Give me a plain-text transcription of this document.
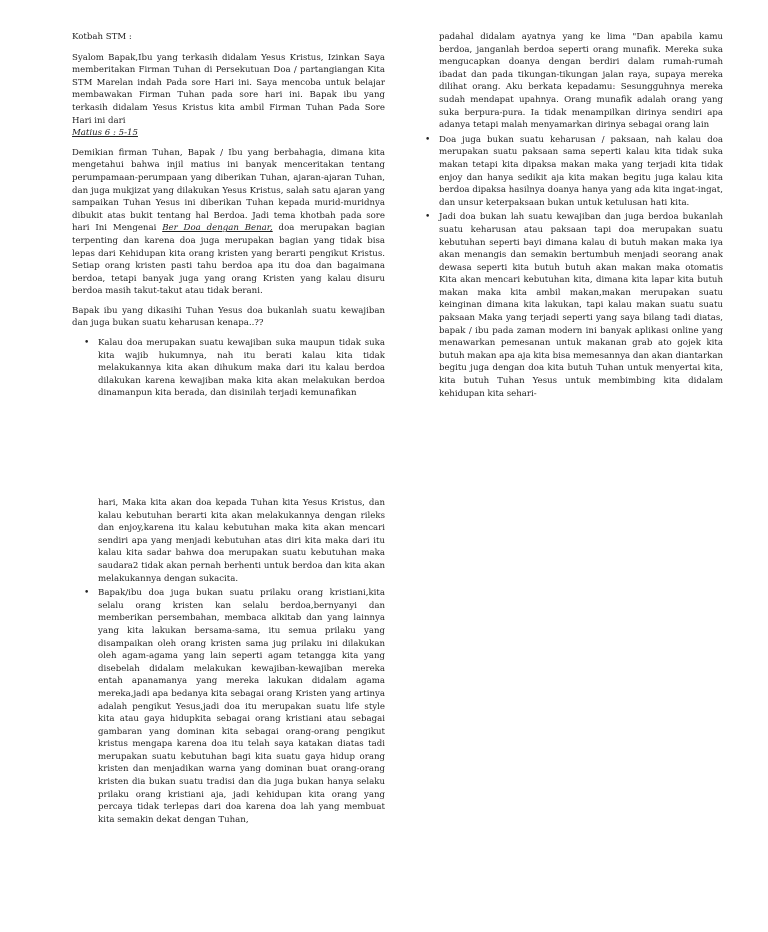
Kotbah STM :

Syalom Bapak,Ibu yang terkasih didalam Yesus Kristus, Izinkan Saya memberitakan Firman Tuhan di Persekutuan Doa / partangiangan Kita STM Marelan indah Pada sore Hari ini. Saya mencoba untuk belajar membawakan Firman Tuhan pada sore hari ini. Bapak ibu yang terkasih didalam Yesus Kristus kita ambil Firman Tuhan Pada Sore Hari ini dari
Matius 6 : 5-15

Demikian firman Tuhan, Bapak / Ibu yang berbahagia, dimana kita mengetahui bahwa injil matius ini banyak menceritakan tentang perumpamaan-perumpaan yang diberikan Tuhan, ajaran-ajaran Tuhan, dan juga mukjizat yang dilakukan Yesus Kristus, salah satu ajaran yang sampaikan Tuhan Yesus ini diberikan Tuhan kepada murid-muridnya dibukit atas bukit tentang hal Berdoa. Jadi tema khotbah pada sore hari Ini Mengenai Ber Doa dengan Benar, doa merupakan bagian terpenting dan karena doa juga merupakan bagian yang tidak bisa lepas dari Kehidupan kita orang kristen yang berarti pengikut Kristus. Setiap orang kristen pasti tahu berdoa apa itu doa dan bagaimana berdoa, tetapi banyak juga yang orang Kristen yang kalau disuru berdoa masih takut-takut atau tidak berani.

Bapak ibu yang dikasihi Tuhan Yesus doa bukanlah suatu kewajiban dan juga bukan suatu keharusan kenapa..??

• Kalau doa merupakan suatu kewajiban suka maupun tidak suka kita wajib hukumnya, nah itu berati kalau kita tidak melakukannya kita akan dihukum maka dari itu kalau berdoa dilakukan karena kewajiban maka kita akan melakukan berdoa dinamanpun kita berada, dan disinilah terjadi kemunafikan

padahal didalam ayatnya yang ke lima "Dan apabila kamu berdoa, janganlah berdoa seperti orang munafik. Mereka suka mengucapkan doanya dengan berdiri dalam rumah-rumah ibadat dan pada tikungan-tikungan jalan raya, supaya mereka dilihat orang. Aku berkata kepadamu: Sesungguhnya mereka sudah mendapat upahnya. Orang munafik adalah orang yang suka berpura-pura. Ia tidak menampilkan dirinya sendiri apa adanya tetapi malah menyamarkan dirinya sebagai orang lain

• Doa juga bukan suatu keharusan / paksaan, nah kalau doa merupakan suatu paksaan sama seperti kalau kita tidak suka makan tetapi kita dipaksa makan maka yang terjadi kita tidak enjoy dan hanya sedikit aja kita makan begitu juga kalau kita berdoa dipaksa hasilnya doanya hanya yang ada kita ingat-ingat, dan unsur keterpaksaan bukan untuk ketulusan hati kita.
• Jadi doa bukan lah suatu kewajiban dan juga berdoa bukanlah suatu keharusan atau paksaan tapi doa merupakan suatu kebutuhan seperti bayi dimana kalau di butuh makan maka iya akan menangis dan semakin bertumbuh menjadi seorang anak dewasa seperti kita butuh butuh akan makan maka otomatis Kita akan mencari kebutuhan kita, dimana kita lapar kita butuh makan maka kita ambil makan,makan merupakan suatu keinginan dimana kita lakukan, tapi kalau makan suatu suatu paksaan Maka yang terjadi seperti yang saya bilang tadi diatas, bapak / ibu pada zaman modern ini banyak aplikasi online yang menawarkan pemesanan untuk makanan grab ato gojek kita butuh makan apa aja kita bisa memesannya dan akan diantarkan begitu juga dengan doa kita butuh Tuhan untuk menyertai kita, kita butuh Tuhan Yesus untuk membimbing kita didalam kehidupan kita sehari-

hari, Maka kita akan doa kepada Tuhan kita Yesus Kristus, dan kalau kebutuhan berarti kita akan melakukannya dengan rileks dan enjoy,karena itu kalau kebutuhan maka kita akan mencari sendiri apa yang menjadi kebutuhan atas diri kita maka dari itu kalau kita sadar bahwa doa merupakan suatu kebutuhan maka saudara2 tidak akan pernah berhenti untuk berdoa dan kita akan melakukannya dengan sukacita.

• Bapak/ibu doa juga bukan suatu prilaku orang kristiani,kita selalu orang kristen kan selalu berdoa,bernyanyi dan memberikan persembahan, membaca alkitab dan yang lainnya yang kita lakukan bersama-sama, itu semua prilaku yang disampaikan oleh orang kristen sama jug prilaku ini dilakukan oleh agam-agama yang lain seperti agam tetangga kita yang disebelah didalam melakukan kewajiban-kewajiban mereka entah apanamanya yang mereka lakukan didalam agama mereka,jadi apa bedanya kita sebagai orang Kristen yang artinya adalah pengikut Yesus,jadi doa itu merupakan suatu life style kita atau gaya hidupkita sebagai orang kristiani atau sebagai gambaran yang dominan kita sebagai orang-orang pengikut kristus mengapa karena doa itu telah saya katakan diatas tadi merupakan suatu kebutuhan bagi kita suatu gaya hidup orang kristen dan menjadikan warna yang dominan buat orang-orang kristen dia bukan suatu tradisi dan dia juga bukan hanya selaku prilaku orang kristiani aja, jadi kehidupan kita orang yang percaya tidak terlepas dari doa karena doa lah yang membuat kita semakin dekat dengan Tuhan,
